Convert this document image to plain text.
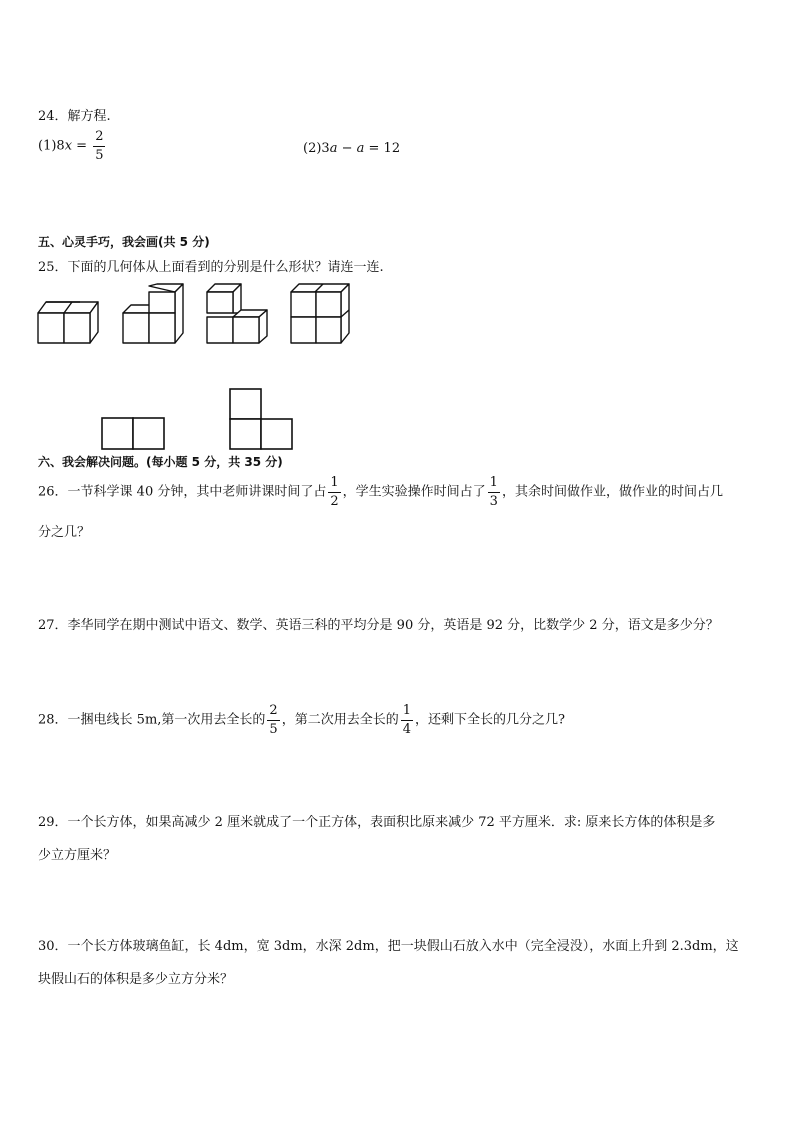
24．解方程.
$(1)8x = \frac{2}{5}$	(2)3a − a = 12
五、心灵手巧，我会画(共 5 分)
25．下面的几何体从上面看到的分别是什么形状？请连一连.
六、我会解决问题。(每小题 5 分，共 35 分)
26．一节科学课 40 分钟，其中老师讲课时间了占 $\frac{1}{2}$ ，学生实验操作时间占了 $\frac{1}{3}$ ，其余时间做作业，做作业的时间占几
分之几？
27．李华同学在期中测试中语文、数学、英语三科的平均分是 90 分，英语是 92 分，比数学少 2 分，语文是多少分？
28．一捆电线长 5m,第一次用去全长的 $\frac{2}{5}$ ，第二次用去全长的 $\frac{1}{4}$ ，还剩下全长的几分之几?
29．一个长方体，如果高减少 2 厘米就成了一个正方体，表面积比原来减少 72 平方厘米．求: 原来长方体的体积是多
少立方厘米？
30．一个长方体玻璃鱼缸，长 4dm，宽 3dm，水深 2dm，把一块假山石放入水中（完全浸没），水面上升到 2.3dm，这
块假山石的体积是多少立方分米？
